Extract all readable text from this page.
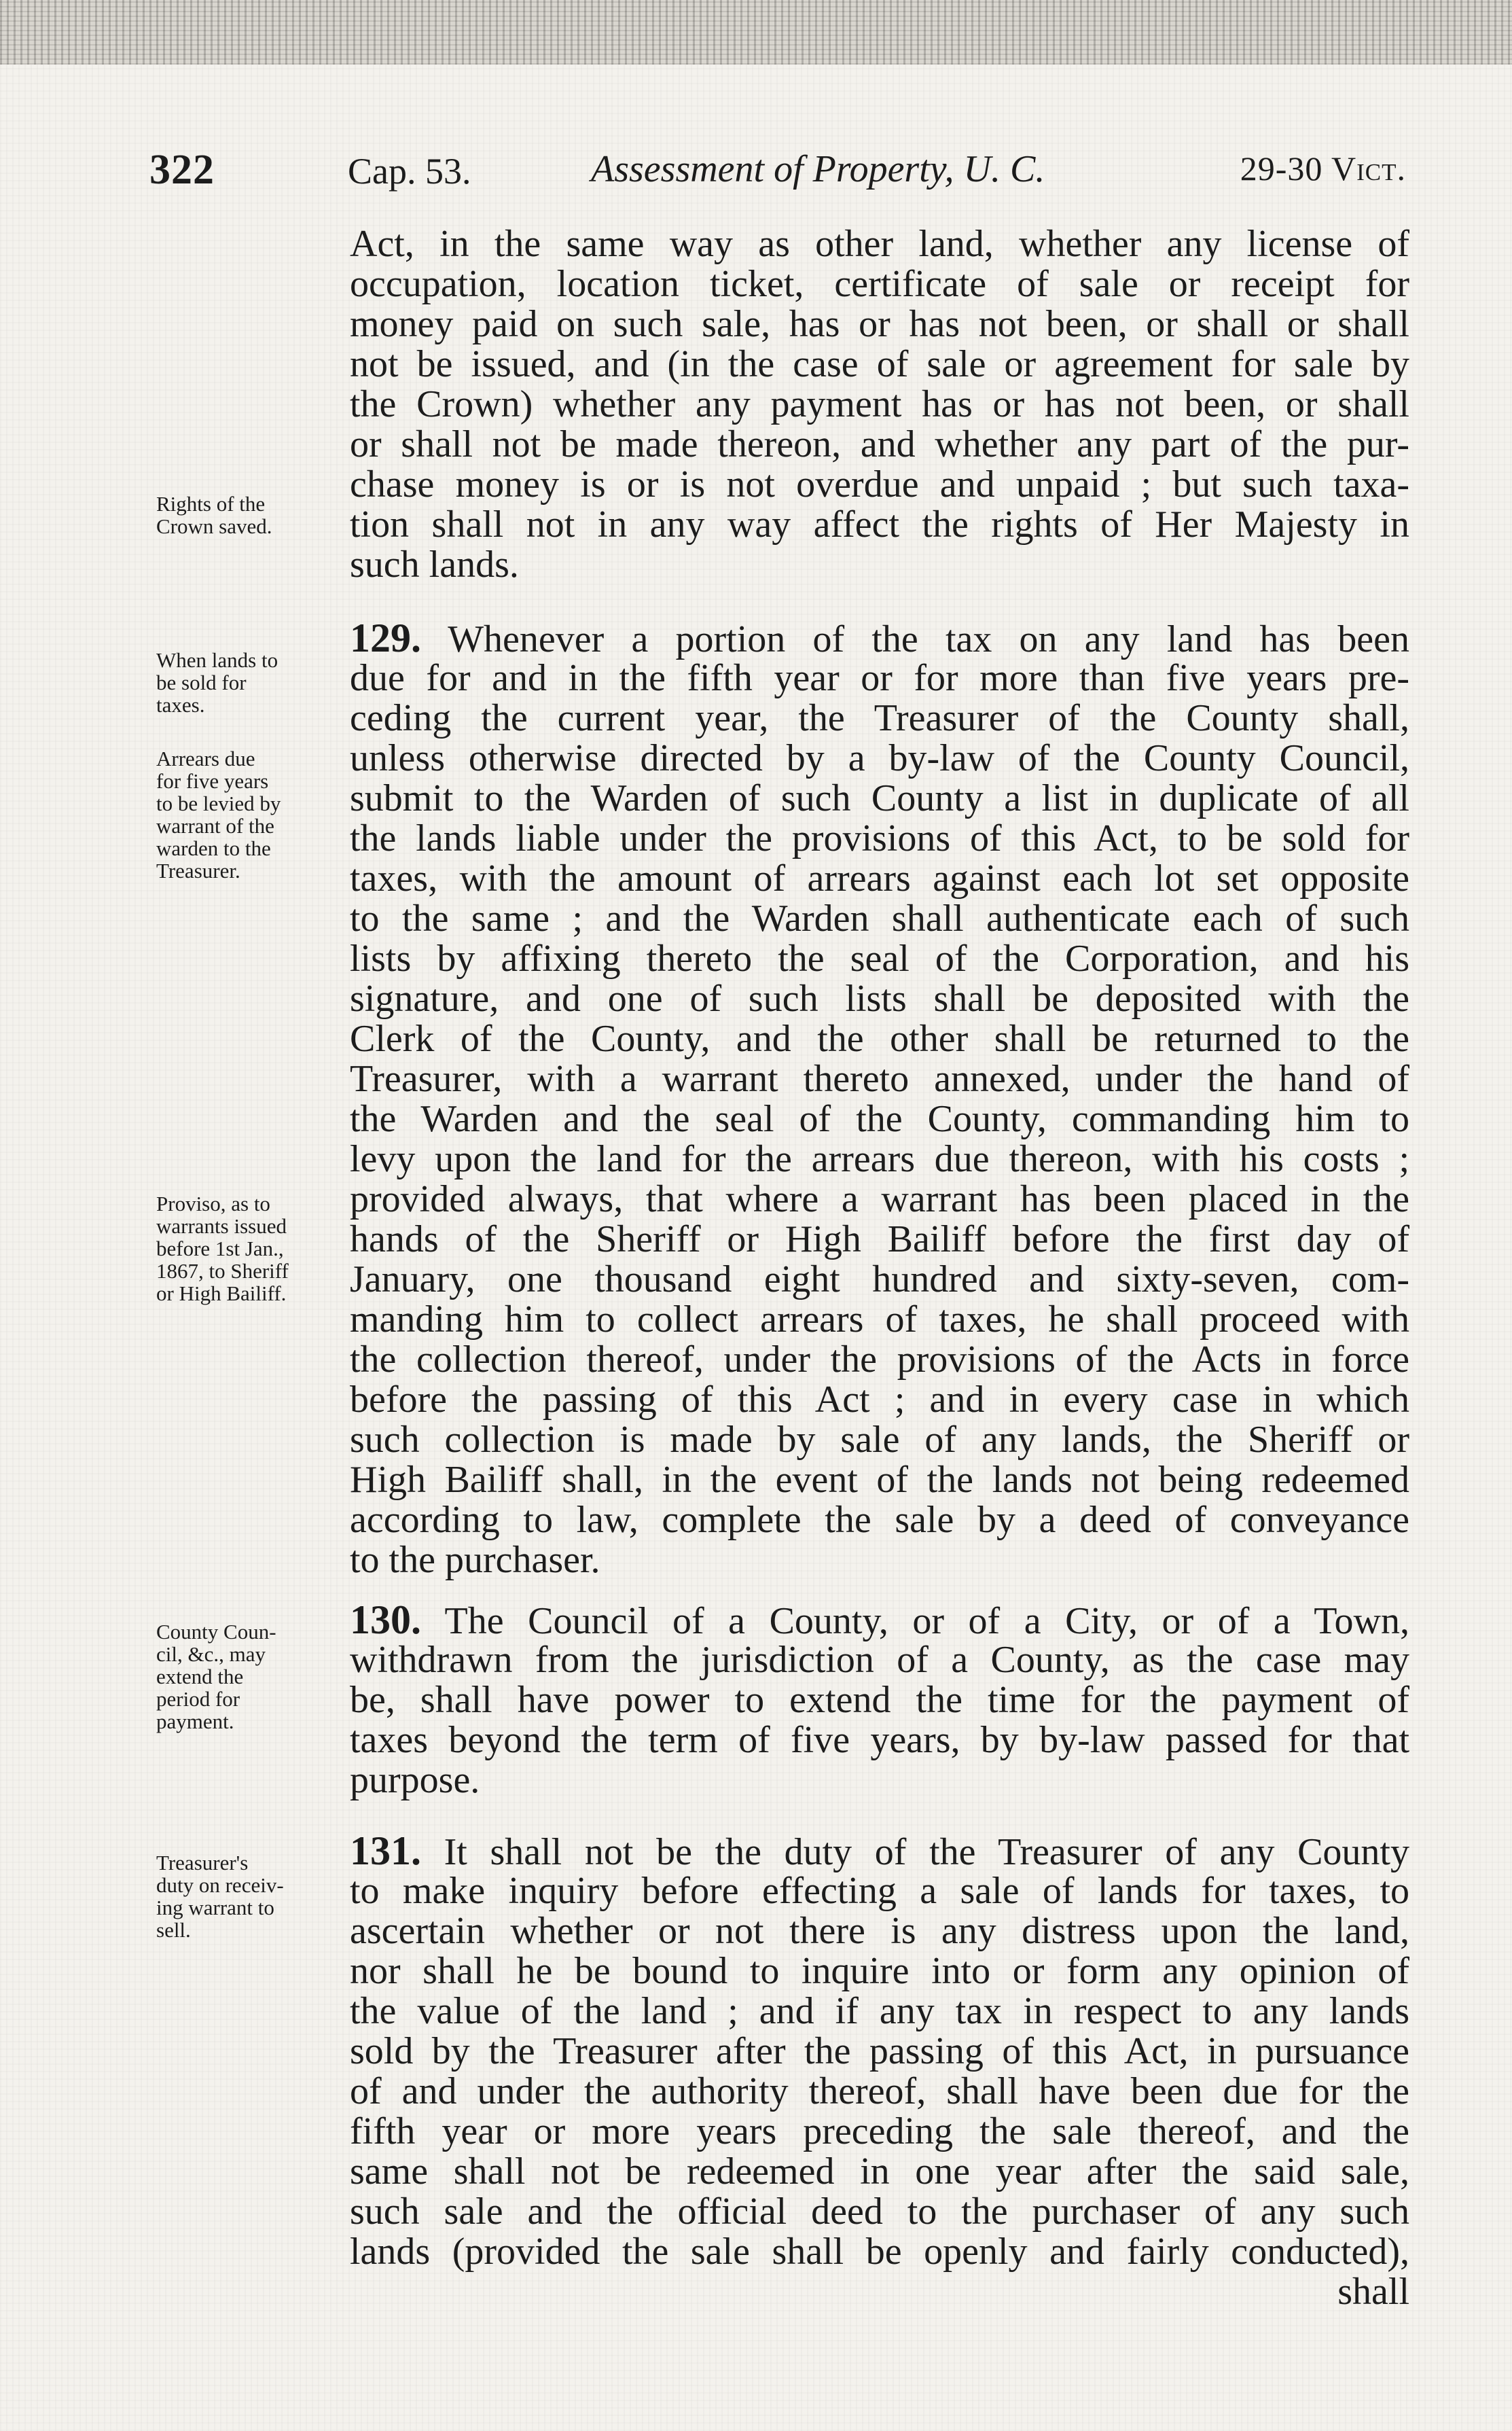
322	Cap. 53.	Assessment of Property, U. C.	29-30 Vict.
Act, in the same way as other land, whether any license of
occupation, location ticket, certificate of sale or receipt for
money paid on such sale, has or has not been, or shall or shall
not be issued, and (in the case of sale or agreement for sale by
the Crown) whether any payment has or has not been, or shall
or shall not be made thereon, and whether any part of the pur-
chase money is or is not overdue and unpaid ; but such taxa-
tion shall not in any way affect the rights of Her Majesty in
such lands.
129. Whenever a portion of the tax on any land has been
due for and in the fifth year or for more than five years pre-
ceding the current year, the Treasurer of the County shall,
unless otherwise directed by a by-law of the County Council,
submit to the Warden of such County a list in duplicate of all
the lands liable under the provisions of this Act, to be sold for
taxes, with the amount of arrears against each lot set opposite
to the same ; and the Warden shall authenticate each of such
lists by affixing thereto the seal of the Corporation, and his
signature, and one of such lists shall be deposited with the
Clerk of the County, and the other shall be returned to the
Treasurer, with a warrant thereto annexed, under the hand of
the Warden and the seal of the County, commanding him to
levy upon the land for the arrears due thereon, with his costs ;
provided always, that where a warrant has been placed in the
hands of the Sheriff or High Bailiff before the first day of
January, one thousand eight hundred and sixty-seven, com-
manding him to collect arrears of taxes, he shall proceed with
the collection thereof, under the provisions of the Acts in force
before the passing of this Act ; and in every case in which
such collection is made by sale of any lands, the Sheriff or
High Bailiff shall, in the event of the lands not being redeemed
according to law, complete the sale by a deed of conveyance
to the purchaser.
130. The Council of a County, or of a City, or of a Town,
withdrawn from the jurisdiction of a County, as the case may
be, shall have power to extend the time for the payment of
taxes beyond the term of five years, by by-law passed for that
purpose.
131. It shall not be the duty of the Treasurer of any County
to make inquiry before effecting a sale of lands for taxes, to
ascertain whether or not there is any distress upon the land,
nor shall he be bound to inquire into or form any opinion of
the value of the land ; and if any tax in respect to any lands
sold by the Treasurer after the passing of this Act, in pursuance
of and under the authority thereof, shall have been due for the
fifth year or more years preceding the sale thereof, and the
same shall not be redeemed in one year after the said sale,
such sale and the official deed to the purchaser of any such
lands (provided the sale shall be openly and fairly conducted),
shall
Rights of the
Crown saved.
When lands to
be sold for
taxes.
Arrears due
for five years
to be levied by
warrant of the
warden to the
Treasurer.
Proviso, as to
warrants issued
before 1st Jan.,
1867, to Sheriff
or High Bailiff.
County Coun-
cil, &c., may
extend the
period for
payment.
Treasurer's
duty on receiv-
ing warrant to
sell.
